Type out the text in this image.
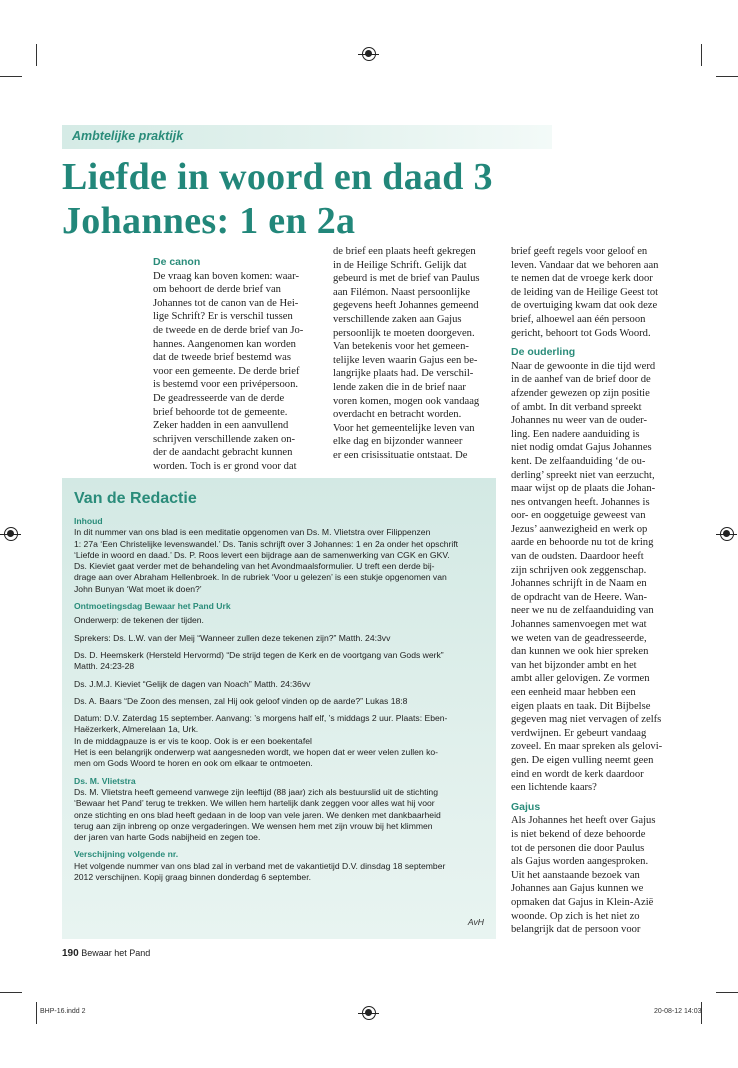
BHP-16.indd 2	20-08-12 14:03
Ambtelijke praktijk
Liefde in woord en daad 3
Johannes: 1 en 2a
De canon

De vraag kan boven komen: waar-
om behoort de derde brief van
Johannes tot de canon van de Hei-
lige Schrift? Er is verschil tussen
de tweede en de derde brief van Jo-
hannes. Aangenomen kan worden
dat de tweede brief bestemd was
voor een gemeente. De derde brief
is bestemd voor een privépersoon.
De geadresseerde van de derde
brief behoorde tot de gemeente.
Zeker hadden in een aanvullend
schrijven verschillende zaken on-
der de aandacht gebracht kunnen
worden. Toch is er grond voor dat

de brief een plaats heeft gekregen
in de Heilige Schrift. Gelijk dat
gebeurd is met de brief van Paulus
aan Filémon. Naast persoonlijke
gegevens heeft Johannes gemeend
verschillende zaken aan Gajus
persoonlijk te moeten doorgeven.
Van betekenis voor het gemeen-
telijke leven waarin Gajus een be-
langrijke plaats had. De verschil-
lende zaken die in de brief naar
voren komen, mogen ook vandaag
overdacht en betracht worden.
Voor het gemeentelijke leven van
elke dag en bijzonder wanneer
er een crisissituatie ontstaat. De

brief geeft regels voor geloof en
leven. Vandaar dat we behoren aan
te nemen dat de vroege kerk door
de leiding van de Heilige Geest tot
de overtuiging kwam dat ook deze
brief, alhoewel aan één persoon
gericht, behoort tot Gods Woord.

De ouderling

Naar de gewoonte in die tijd werd
in de aanhef van de brief door de
afzender gewezen op zijn positie
of ambt. In dit verband spreekt
Johannes nu weer van de ouder-
ling. Een nadere aanduiding is
niet nodig omdat Gajus Johannes
kent. De zelfaanduiding ‘de ou-
derling’ spreekt niet van eerzucht,
maar wijst op de plaats die Johan-
nes ontvangen heeft. Johannes is
oor- en ooggetuige geweest van
Jezus’ aanwezigheid en werk op
aarde en behoorde nu tot de kring
van de oudsten. Daardoor heeft
zijn schrijven ook zeggenschap.
Johannes schrijft in de Naam en
de opdracht van de Heere. Wan-
neer we nu de zelfaanduiding van
Johannes samenvoegen met wat
we weten van de geadresseerde,
dan kunnen we ook hier spreken
van het bijzonder ambt en het
ambt aller gelovigen. Ze vormen
een eenheid maar hebben een
eigen plaats en taak. Dit Bijbelse
gegeven mag niet vervagen of zelfs
verdwijnen. Er gebeurt vandaag
zoveel. En maar spreken als gelovi-
gen. De eigen vulling neemt geen
eind en wordt de kerk daardoor
een lichtende kaars?

Gajus

Als Johannes het heeft over Gajus
is niet bekend of deze behoorde
tot de personen die door Paulus
als Gajus worden aangesproken.
Uit het aanstaande bezoek van
Johannes aan Gajus kunnen we
opmaken dat Gajus in Klein-Azië
woonde. Op zich is het niet zo
belangrijk dat de persoon voor

Van de Redactie
Inhoud

In dit nummer van ons blad is een meditatie opgenomen van Ds. M. Vlietstra over Filippenzen
1: 27a ‘Een Christelijke levenswandel.’ Ds. Tanis schrijft over 3 Johannes: 1 en 2a onder het opschrift
‘Liefde in woord en daad.’ Ds. P. Roos levert een bijdrage aan de samenwerking van CGK en GKV.
Ds. Kieviet gaat verder met de behandeling van het Avondmaalsformulier. U treft een derde bij-
drage aan over Abraham Hellenbroek. In de rubriek ‘Voor u gelezen’ is een stukje opgenomen van
John Bunyan ‘Wat moet ik doen?’

Ontmoetingsdag Bewaar het Pand Urk

Onderwerp: de tekenen der tijden.

Sprekers: Ds. L.W. van der Meij “Wanneer zullen deze tekenen zijn?” Matth. 24:3vv

Ds. D. Heemskerk (Hersteld Hervormd) “De strijd tegen de Kerk en de voortgang van Gods werk”
Matth. 24:23-28

Ds. J.M.J. Kieviet “Gelijk de dagen van Noach” Matth. 24:36vv

Ds. A. Baars “De Zoon des mensen, zal Hij ook geloof vinden op de aarde?” Lukas 18:8

Datum: D.V. Zaterdag 15 september. Aanvang: ’s morgens half elf, ’s middags 2 uur. Plaats: Eben-
Haëzerkerk, Almerelaan 1a, Urk.
In de middagpauze is er vis te koop. Ook is er een boekentafel
Het is een belangrijk onderwerp wat aangesneden wordt, we hopen dat er weer velen zullen ko-
men om Gods Woord te horen en ook om elkaar te ontmoeten.

Ds. M. Vlietstra

Ds. M. Vlietstra heeft gemeend vanwege zijn leeftijd (88 jaar) zich als bestuurslid uit de stichting
‘Bewaar het Pand’ terug te trekken. We willen hem hartelijk dank zeggen voor alles wat hij voor
onze stichting en ons blad heeft gedaan in de loop van vele jaren. We denken met dankbaarheid
terug aan zijn inbreng op onze vergaderingen. We wensen hem met zijn vrouw bij het klimmen
der jaren van harte Gods nabijheid en zegen toe.

Verschijning volgende nr.

Het volgende nummer van ons blad zal in verband met de vakantietijd D.V. dinsdag 18 september
2012 verschijnen. Kopij graag binnen donderdag 6 september.

AvH
190 Bewaar het Pand
